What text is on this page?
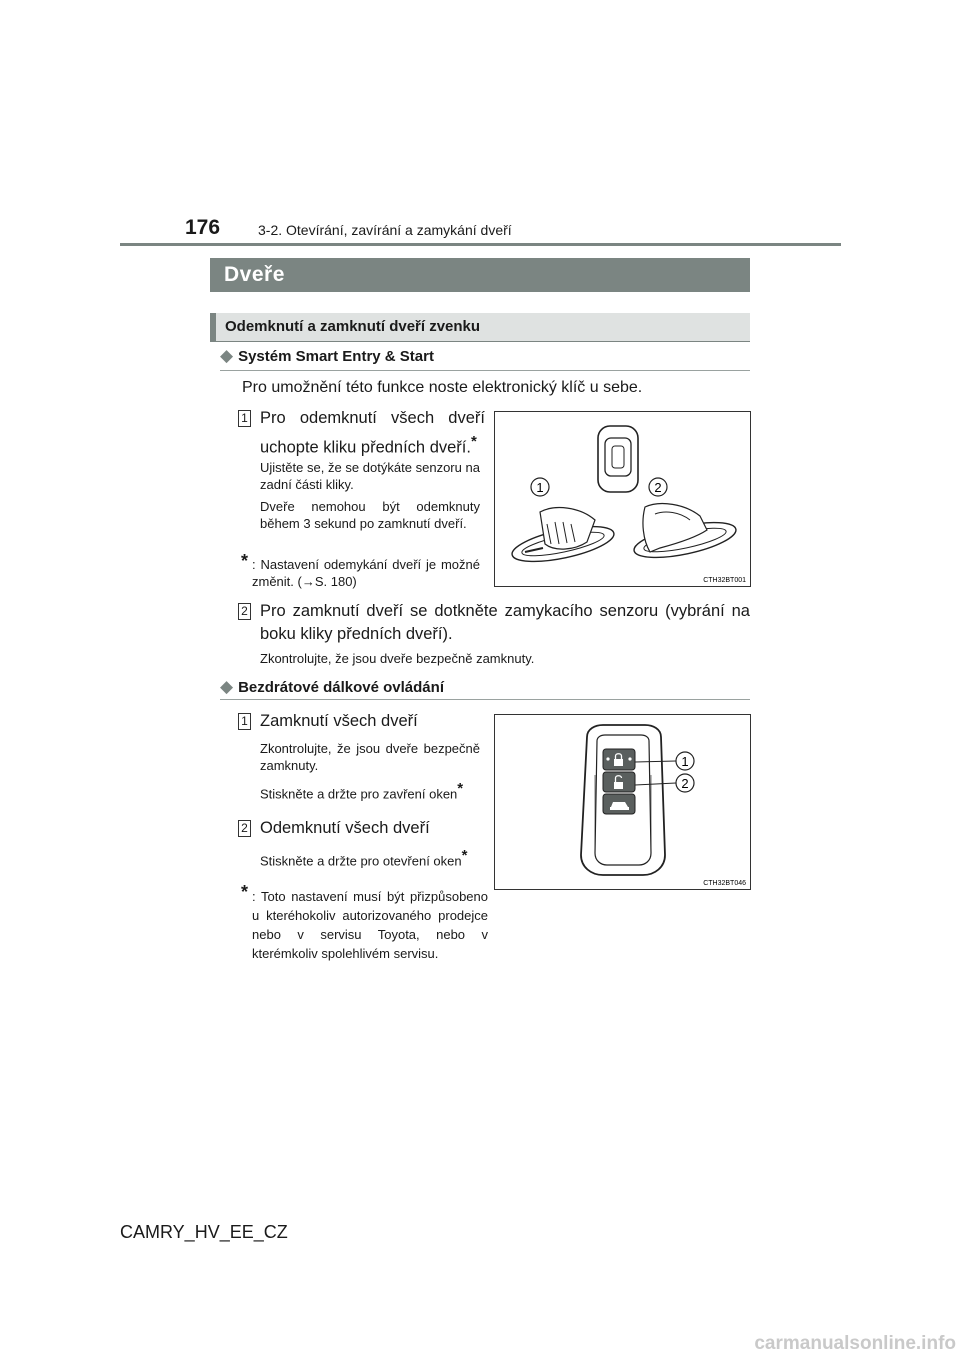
176	3-2. Otevírání, zavírání a zamykání dveří
Dveře
Odemknutí a zamknutí dveří zvenku
◆ Systém Smart Entry & Start
Pro umožnění této funkce noste elektronický klíč u sebe.
1 Pro odemknutí všech dveří
uchopte kliku předních dveří.*
Ujistěte se, že se dotýkáte senzoru na zadní části kliky.
Dveře nemohou být odemknuty během 3 sekund po zamknutí dveří.
* : Nastavení odemykání dveří je možné změnit. (→S. 180)
1	2
CTH32BT001
2 Pro zamknutí dveří se dotkněte zamykacího senzoru (vybrání na boku kliky předních dveří).
Zkontrolujte, že jsou dveře bezpečně zamknuty.
◆ Bezdrátové dálkové ovládání
1 Zamknutí všech dveří
Zkontrolujte, že jsou dveře bezpečně zamknuty.
Stiskněte a držte pro zavření oken*
2 Odemknutí všech dveří
Stiskněte a držte pro otevření oken*
* : Toto nastavení musí být přizpůsobeno u kteréhokoliv autorizovaného prodejce nebo v servisu Toyota, nebo v kterémkoliv spolehlivém servisu.
1
2
CTH32BT046
CAMRY_HV_EE_CZ
carmanualsonline.info
